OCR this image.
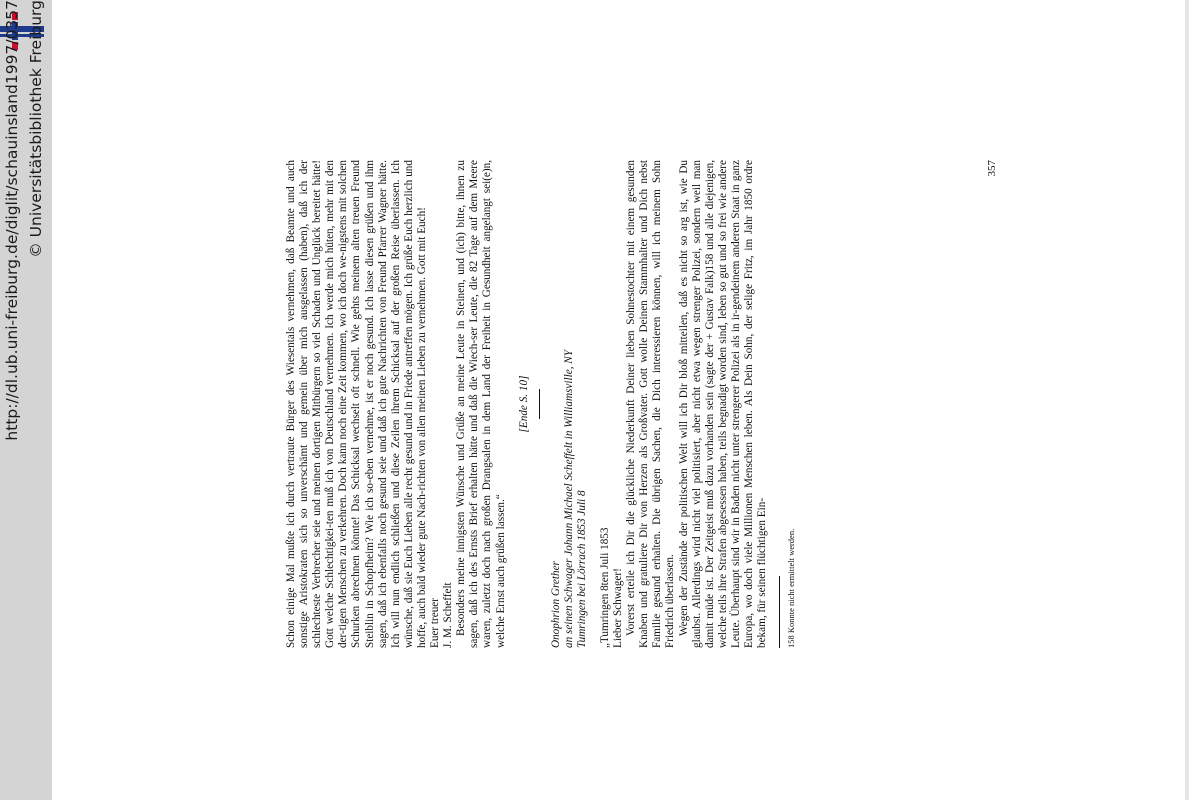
http://dl.ub.uni-freiburg.de/diglit/schauinsland1997/0357 © Universitätsbibliothek Freiburg
Schon einige Mal mußte ich durch vertraute Bürger des Wiesentals vernehmen, daß Beamte und auch sonstige Aristokraten sich so unverschämt und gemein über mich ausgelassen (haben), daß ich der schlechteste Verbrecher seie und meinen dortigen Mitbürgern so viel Schaden und Unglück bereitet hätte! Gott welche Schlechtigkei-ten muß ich von Deutschland vernehmen. Ich werde mich hüten, mehr mit den der-tigen Menschen zu verkehren. Doch kann noch eine Zeit kommen, wo ich doch we-nigstens mit solchen Schurken abrechnen könnte! Das Schicksal wechselt oft schnell. Wie gehts meinem alten treuen Freund Steiblin in Schopfheim? Wie ich so-eben vernehme, ist er noch gesund. Ich lasse diesen grüßen und ihm sagen, daß ich ebenfalls noch gesund seie und daß ich gute Nachrichten von Freund Pfarrer Wagner hätte. Ich will nun endlich schließen und diese Zeilen ihrem Schicksal auf der großen Reise überlassen. Ich wünsche, daß sie Euch Lieben alle recht gesund und in Friede antreffen mögen. Ich grüße Euch herzlich und hoffe, auch bald wieder gute Nach-richten von allen meinen Lieben zu vernehmen. Gott mit Euch! Euer treuer J. M. Scheffelt Besonders meine innigsten Wünsche und Grüße an meine Leute in Steinen, und (ich) bitte, ihnen zu sagen, daß ich des Ernsts Brief erhalten hätte und daß die Wiech-ser Leute, die 82 Tage auf dem Meere waren, zuletzt doch nach großen Drangsalen in dem Land der Freiheit in Gesundheit angelangt sei(e)n, welche Ernst auch grüßen lassen.“
[Ende S. 10]
Onophrion Grether an seinen Schwager Johann Michael Scheffelt in Williamsville, NY Tumringen bei Lörrach 1853 Juli 8 „Tumringen 8ten Juli 1853 Lieber Schwager! Vorerst erteile ich Dir die glückliche Niederkunft Deiner lieben Sohnestochter mit einem gesunden Knaben und gratuliere Dir von Herzen als Großvater. Gott wolle Deinen Stammhalter und Dich nebst Familie gesund erhalten. Die übrigen Sachen, die Dich interessieren können, will ich meinem Sohn Friedrich überlassen. Wegen der Zustände der politischen Welt will ich Dir bloß mitteilen, daß es nicht so arg ist, wie Du glaubst. Allerdings wird nicht viel politisiert, aber nicht etwa wegen strenger Polizei, sondern weil man damit müde ist. Der Zeitgeist muß dazu vorhanden sein (sagte der + Gustav Falk)158 und alle diejenigen, welche teils ihre Strafen abgesessen haben, teils begnadigt worden sind, leben so gut und so frei wie andere Leute. Überhaupt sind wir in Baden nicht unter strengerer Polizei als in ir-gendeinem anderen Staat in ganz Europa, wo doch viele Millionen Menschen leben. Als Dein Sohn, der selige Fritz, im Jahr 1850 ordre bekam, für seinen flüchtigen Ein- 158 Konnte nicht ermittelt werden.
357
